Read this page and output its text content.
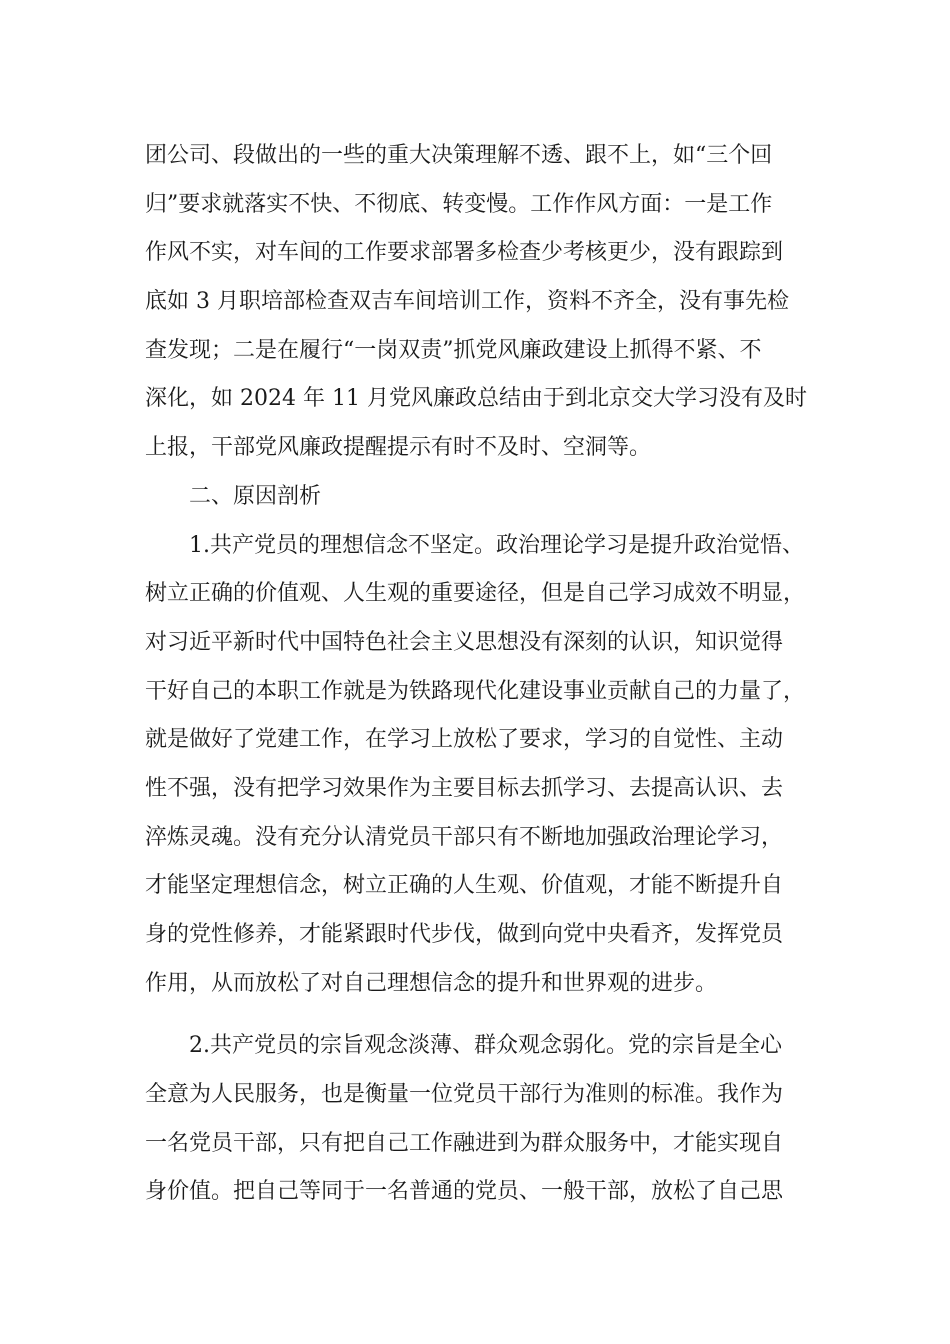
团公司、段做出的一些的重大决策理解不透、跟不上，如“三个回
归”要求就落实不快、不彻底、转变慢。工作作风方面：一是工作
作风不实，对车间的工作要求部署多检查少考核更少，没有跟踪到
底如 3 月职培部检查双吉车间培训工作，资料不齐全，没有事先检
查发现；二是在履行“一岗双责”抓党风廉政建设上抓得不紧、不
深化，如 2024 年 11 月党风廉政总结由于到北京交大学习没有及时
上报，干部党风廉政提醒提示有时不及时、空洞等。
二、原因剖析
1.共产党员的理想信念不坚定。政治理论学习是提升政治觉悟、
树立正确的价值观、人生观的重要途径，但是自己学习成效不明显，
对习近平新时代中国特色社会主义思想没有深刻的认识，知识觉得
干好自己的本职工作就是为铁路现代化建设事业贡献自己的力量了，
就是做好了党建工作，在学习上放松了要求，学习的自觉性、主动
性不强，没有把学习效果作为主要目标去抓学习、去提高认识、去
淬炼灵魂。没有充分认清党员干部只有不断地加强政治理论学习，
才能坚定理想信念，树立正确的人生观、价值观，才能不断提升自
身的党性修养，才能紧跟时代步伐，做到向党中央看齐，发挥党员
作用，从而放松了对自己理想信念的提升和世界观的进步。
2.共产党员的宗旨观念淡薄、群众观念弱化。党的宗旨是全心
全意为人民服务，也是衡量一位党员干部行为准则的标准。我作为
一名党员干部，只有把自己工作融进到为群众服务中，才能实现自
身价值。把自己等同于一名普通的党员、一般干部，放松了自己思
